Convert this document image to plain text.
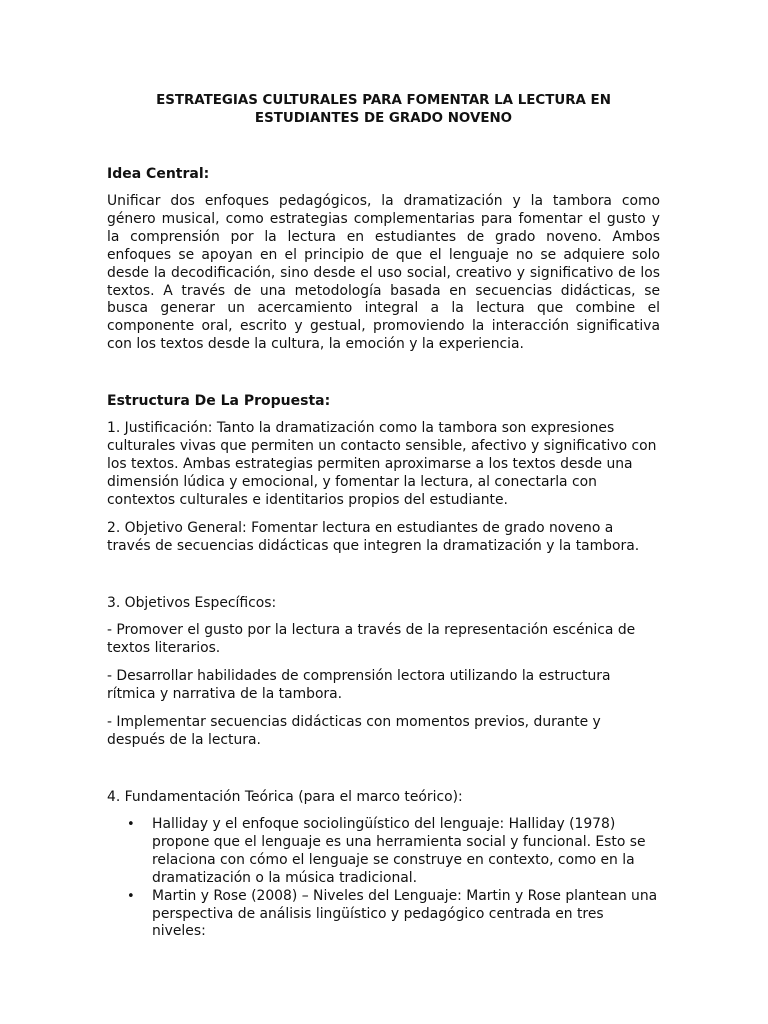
ESTRATEGIAS CULTURALES PARA FOMENTAR LA LECTURA EN
ESTUDIANTES DE GRADO NOVENO
Idea Central:

Unificar dos enfoques pedagógicos, la dramatización y la tambora como género musical, como estrategias complementarias para fomentar el gusto y la comprensión por la lectura en estudiantes de grado noveno. Ambos enfoques se apoyan en el principio de que el lenguaje no se adquiere solo desde la decodificación, sino desde el uso social, creativo y significativo de los textos. A través de una metodología basada en secuencias didácticas, se busca generar un acercamiento integral a la lectura que combine el componente oral, escrito y gestual, promoviendo la interacción significativa con los textos desde la cultura, la emoción y la experiencia.

Estructura De La Propuesta:

1. Justificación: Tanto la dramatización como la tambora son expresiones culturales vivas que permiten un contacto sensible, afectivo y significativo con los textos. Ambas estrategias permiten aproximarse a los textos desde una dimensión lúdica y emocional, y fomentar la lectura, al conectarla con contextos culturales e identitarios propios del estudiante.

2. Objetivo General: Fomentar lectura en estudiantes de grado noveno a través de secuencias didácticas que integren la dramatización y la tambora.

3. Objetivos Específicos:

- Promover el gusto por la lectura a través de la representación escénica de textos literarios.

- Desarrollar habilidades de comprensión lectora utilizando la estructura rítmica y narrativa de la tambora.

- Implementar secuencias didácticas con momentos previos, durante y después de la lectura.

4. Fundamentación Teórica (para el marco teórico):

• Halliday y el enfoque sociolingüístico del lenguaje: Halliday (1978) propone que el lenguaje es una herramienta social y funcional. Esto se relaciona con cómo el lenguaje se construye en contexto, como en la dramatización o la música tradicional.
• Martin y Rose (2008) – Niveles del Lenguaje: Martin y Rose plantean una perspectiva de análisis lingüístico y pedagógico centrada en tres niveles:
